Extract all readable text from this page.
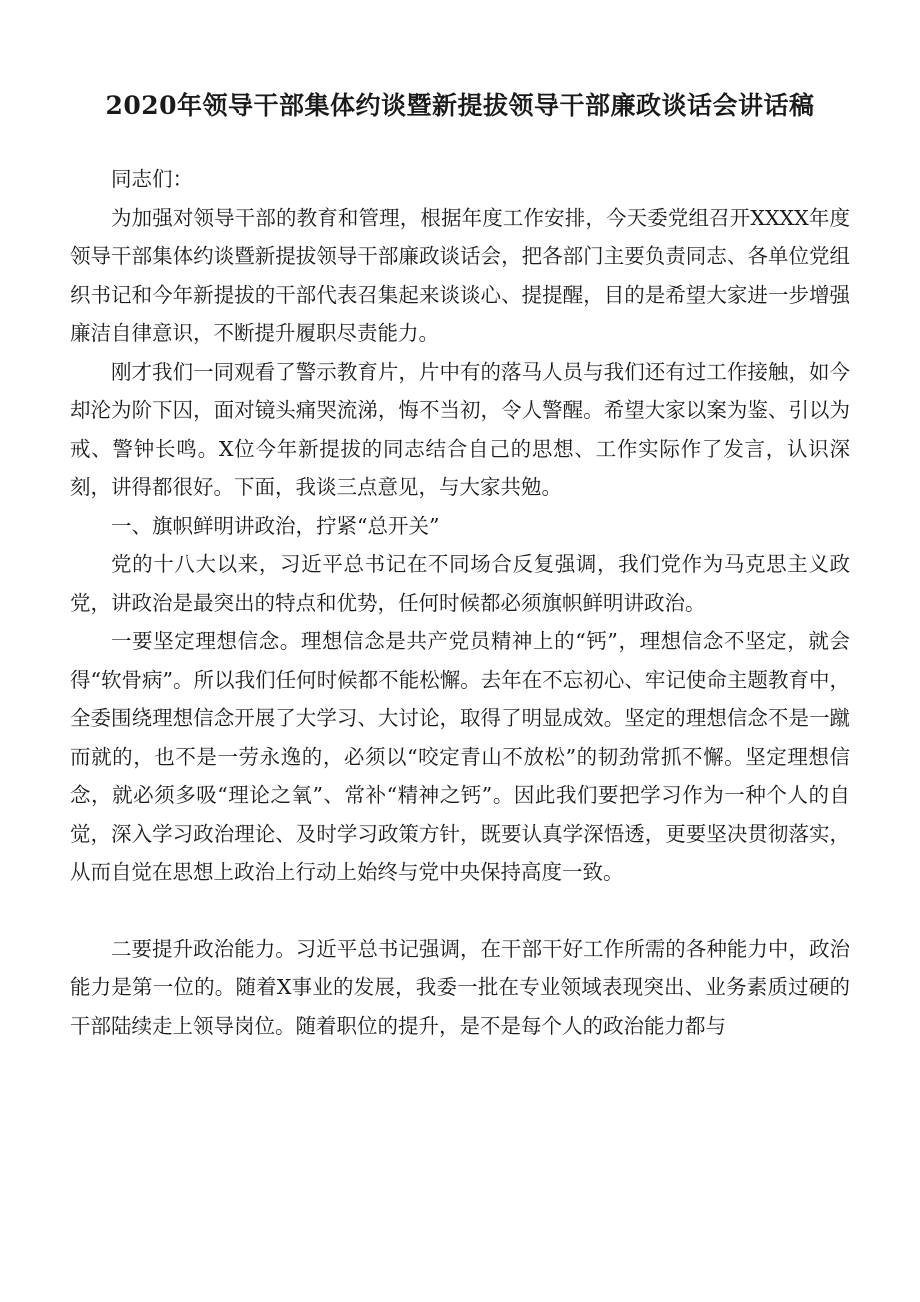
2020年领导干部集体约谈暨新提拔领导干部廉政谈话会讲话稿

同志们：

为加强对领导干部的教育和管理，根据年度工作安排，今天委党组召开XXXX年度领导干部集体约谈暨新提拔领导干部廉政谈话会，把各部门主要负责同志、各单位党组织书记和今年新提拔的干部代表召集起来谈谈心、提提醒，目的是希望大家进一步增强廉洁自律意识，不断提升履职尽责能力。

刚才我们一同观看了警示教育片，片中有的落马人员与我们还有过工作接触，如今却沦为阶下囚，面对镜头痛哭流涕，悔不当初，令人警醒。希望大家以案为鉴、引以为戒、警钟长鸣。X位今年新提拔的同志结合自己的思想、工作实际作了发言，认识深刻，讲得都很好。下面，我谈三点意见，与大家共勉。

一、旗帜鲜明讲政治，拧紧“总开关”

党的十八大以来，习近平总书记在不同场合反复强调，我们党作为马克思主义政党，讲政治是最突出的特点和优势，任何时候都必须旗帜鲜明讲政治。

一要坚定理想信念。理想信念是共产党员精神上的“钙”，理想信念不坚定，就会得“软骨病”。所以我们任何时候都不能松懈。去年在不忘初心、牢记使命主题教育中，全委围绕理想信念开展了大学习、大讨论，取得了明显成效。坚定的理想信念不是一蹴而就的，也不是一劳永逸的，必须以“咬定青山不放松”的韧劲常抓不懈。坚定理想信念，就必须多吸“理论之氧”、常补“精神之钙”。因此我们要把学习作为一种个人的自觉，深入学习政治理论、及时学习政策方针，既要认真学深悟透，更要坚决贯彻落实，从而自觉在思想上政治上行动上始终与党中央保持高度一致。

二要提升政治能力。习近平总书记强调，在干部干好工作所需的各种能力中，政治能力是第一位的。随着X事业的发展，我委一批在专业领域表现突出、业务素质过硬的干部陆续走上领导岗位。随着职位的提升，是不是每个人的政治能力都与
